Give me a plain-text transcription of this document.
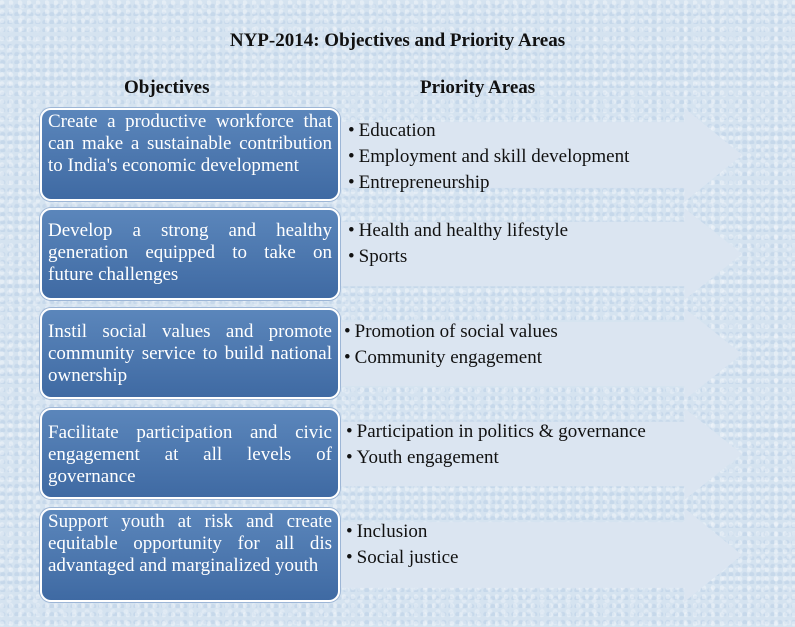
NYP-2014: Objectives and Priority Areas
Objectives	Priority Areas
Create a productive workforce that can make a sustainable contribution to India's economic development
• Education
• Employment and skill development
• Entrepreneurship
Develop a strong and healthy generation equipped to take on future challenges
• Health and healthy lifestyle
• Sports
Instil social values and promote community service to build national ownership
• Promotion of social values
• Community engagement
Facilitate participation and civic engagement at all levels of governance
• Participation in politics & governance
• Youth engagement
Support youth at risk and create equitable opportunity for all dis advantaged and marginalized youth
• Inclusion
• Social justice
